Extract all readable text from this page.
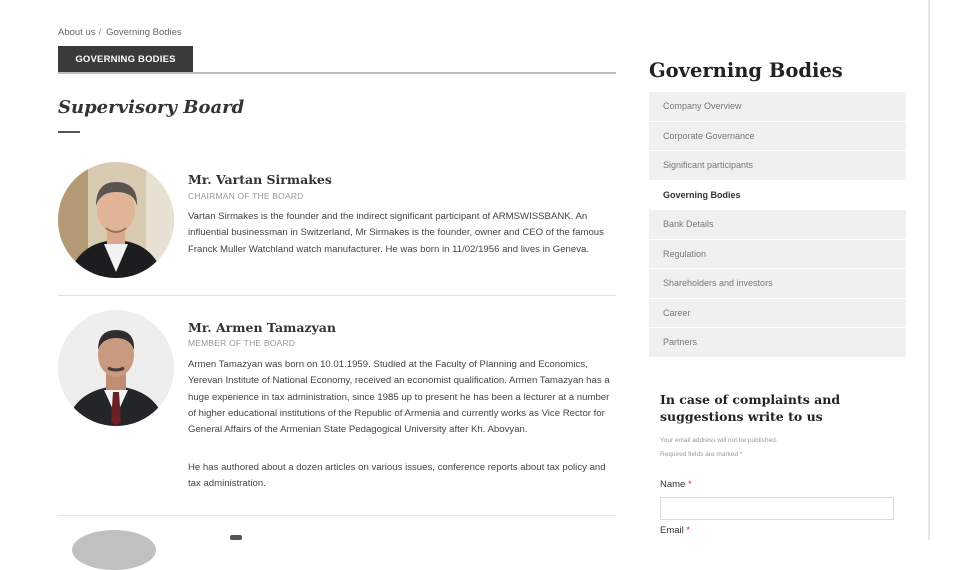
About us / Governing Bodies
GOVERNING BODIES
Supervisory Board
Mr. Vartan Sirmakes
CHAIRMAN OF THE BOARD

Vartan Sirmakes is the founder and the indirect significant participant of ARMSWISSBANK. An influential businessman in Switzerland, Mr Sirmakes is the founder, owner and CEO of the famous Franck Muller Watchland watch manufacturer. He was born in 11/02/1956 and lives in Geneva.

Mr. Armen Tamazyan
MEMBER OF THE BOARD

Armen Tamazyan was born on 10.01.1959. Studied at the Faculty of Planning and Economics, Yerevan Institute of National Economy, received an economist qualification. Armen Tamazyan has a huge experience in tax administration, since 1985 up to present he has been a lecturer at a number of higher educational institutions of the Republic of Armenia and currently works as Vice Rector for General Affairs of the Armenian State Pedagogical University after Kh. Abovyan.

He has authored about a dozen articles on various issues, conference reports about tax policy and tax administration.

Governing Bodies
Company Overview
Corporate Governance
Significant participants
Governing Bodies
Bank Details
Regulation
Shareholders and investors
Career
Partners
In case of complaints and suggestions write to us
Your email address will not be published.
Required fields are marked *
Name *
Email *
